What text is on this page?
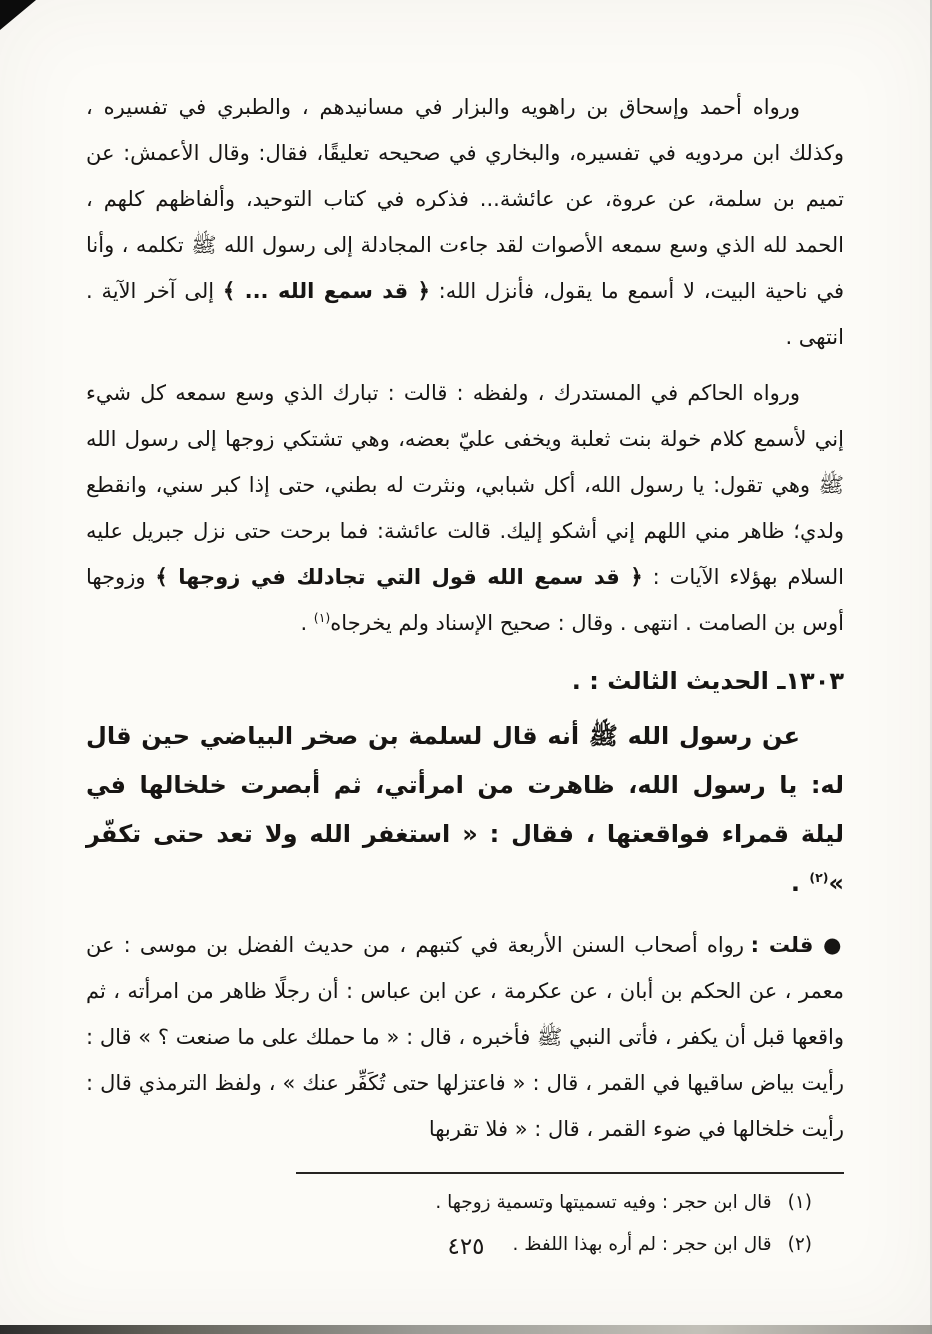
ورواه أحمد وإسحاق بن راهويه والبزار في مسانيدهم ، والطبري في تفسيره ، وكذلك ابن مردويه في تفسيره، والبخاري في صحيحه تعليقًا، فقال: وقال الأعمش: عن تميم بن سلمة، عن عروة، عن عائشة... فذكره في كتاب التوحيد، وألفاظهم كلهم ، الحمد لله الذي وسع سمعه الأصوات لقد جاءت المجادلة إلى رسول الله ﷺ تكلمه ، وأنا في ناحية البيت، لا أسمع ما يقول، فأنزل الله: ﴿ قد سمع الله ... ﴾ إلى آخر الآية . انتهى .

ورواه الحاكم في المستدرك ، ولفظه : قالت : تبارك الذي وسع سمعه كل شيء إني لأسمع كلام خولة بنت ثعلبة ويخفى عليّ بعضه، وهي تشتكي زوجها إلى رسول الله ﷺ وهي تقول: يا رسول الله، أكل شبابي، ونثرت له بطني، حتى إذا كبر سني، وانقطع ولدي؛ ظاهر مني اللهم إني أشكو إليك. قالت عائشة: فما برحت حتى نزل جبريل عليه السلام بهؤلاء الآيات : ﴿ قد سمع الله قول التي تجادلك في زوجها ﴾ وزوجها أوس بن الصامت . انتهى . وقال : صحيح الإسناد ولم يخرجاه$^{(١)}$ .

١٣٠٣ـ الحديث الثالث : .

عن رسول الله ﷺ أنه قال لسلمة بن صخر البياضي حين قال له: يا رسول الله، ظاهرت من امرأتي، ثم أبصرت خلخالها في ليلة قمراء فواقعتها ، فقال : « استغفر الله ولا تعد حتى تكفّر »$^{(٢)}$ .

● قلت : رواه أصحاب السنن الأربعة في كتبهم ، من حديث الفضل بن موسى : عن معمر ، عن الحكم بن أبان ، عن عكرمة ، عن ابن عباس : أن رجلًا ظاهر من امرأته ، ثم واقعها قبل أن يكفر ، فأتى النبي ﷺ فأخبره ، قال : « ما حملك على ما صنعت ؟ » قال : رأيت بياض ساقيها في القمر ، قال : « فاعتزلها حتى تُكَفِّر عنك » ، ولفظ الترمذي قال : رأيت خلخالها في ضوء القمر ، قال : « فلا تقربها

(١)قال ابن حجر : وفيه تسميتها وتسمية زوجها .

(٢)قال ابن حجر : لم أره بهذا اللفظ .

٤٢٥
